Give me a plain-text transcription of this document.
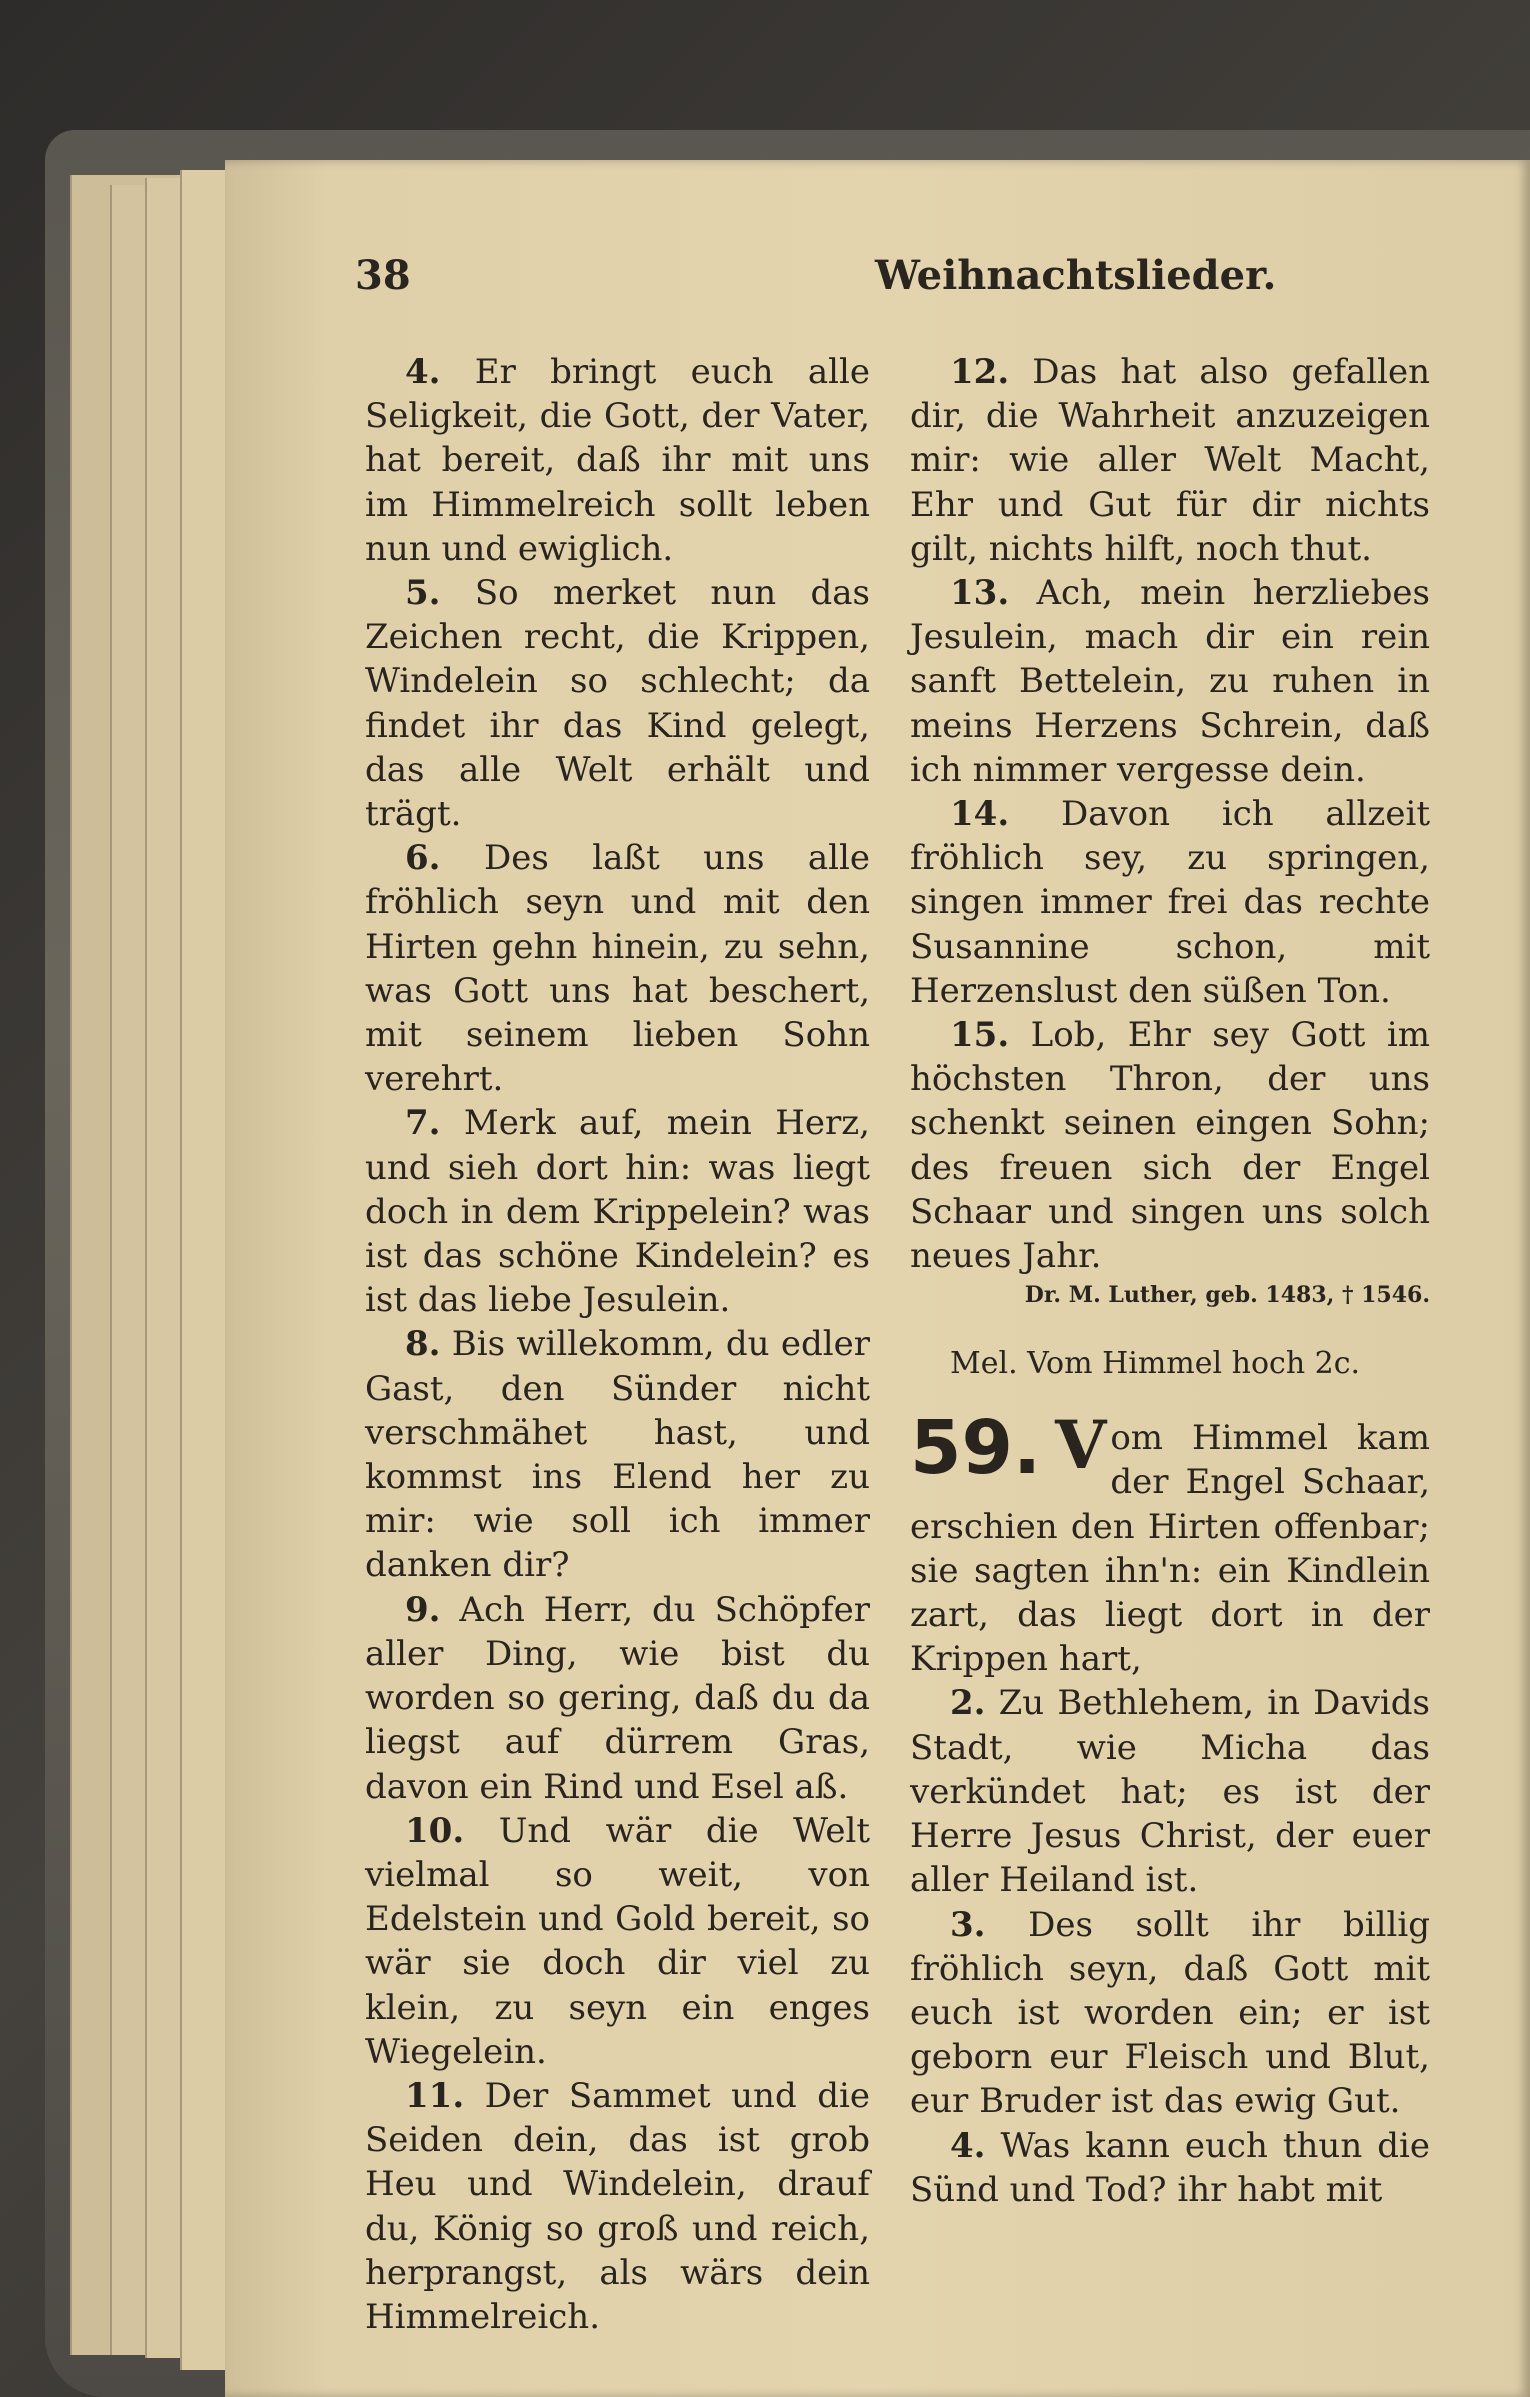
38	Weihnachtslieder.

4. Er bringt euch alle Seligkeit, die Gott, der Vater, hat bereit, daß ihr mit uns im Himmelreich sollt leben nun und ewiglich.

5. So merket nun das Zeichen recht, die Krippen, Windelein so schlecht; da findet ihr das Kind gelegt, das alle Welt erhält und trägt.

6. Des laßt uns alle fröhlich seyn und mit den Hirten gehn hinein, zu sehn, was Gott uns hat beschert, mit seinem lieben Sohn verehrt.

7. Merk auf, mein Herz, und sieh dort hin: was liegt doch in dem Krippelein? was ist das schöne Kindelein? es ist das liebe Jesulein.

8. Bis willekomm, du edler Gast, den Sünder nicht verschmähet hast, und kommst ins Elend her zu mir: wie soll ich immer danken dir?

9. Ach Herr, du Schöpfer aller Ding, wie bist du worden so gering, daß du da liegst auf dürrem Gras, davon ein Rind und Esel aß.

10. Und wär die Welt vielmal so weit, von Edelstein und Gold bereit, so wär sie doch dir viel zu klein, zu seyn ein enges Wiegelein.

11. Der Sammet und die Seiden dein, das ist grob Heu und Windelein, drauf du, König so groß und reich, herprangst, als wärs dein Himmelreich.

12. Das hat also gefallen dir, die Wahrheit anzuzeigen mir: wie aller Welt Macht, Ehr und Gut für dir nichts gilt, nichts hilft, noch thut.

13. Ach, mein herzliebes Jesulein, mach dir ein rein sanft Bettelein, zu ruhen in meins Herzens Schrein, daß ich nimmer vergesse dein.

14. Davon ich allzeit fröhlich sey, zu springen, singen immer frei das rechte Susannine schon, mit Herzenslust den süßen Ton.

15. Lob, Ehr sey Gott im höchsten Thron, der uns schenkt seinen eingen Sohn; des freuen sich der Engel Schaar und singen uns solch neues Jahr.

Dr. M. Luther, geb. 1483, † 1546.

Mel. Vom Himmel hoch 2c.

59. V om Himmel kam der Engel Schaar, erschien den Hirten offenbar; sie sagten ihn'n: ein Kindlein zart, das liegt dort in der Krippen hart,

2. Zu Bethlehem, in Davids Stadt, wie Micha das verkündet hat; es ist der Herre Jesus Christ, der euer aller Heiland ist.

3. Des sollt ihr billig fröhlich seyn, daß Gott mit euch ist worden ein; er ist geborn eur Fleisch und Blut, eur Bruder ist das ewig Gut.

4. Was kann euch thun die Sünd und Tod? ihr habt mit
